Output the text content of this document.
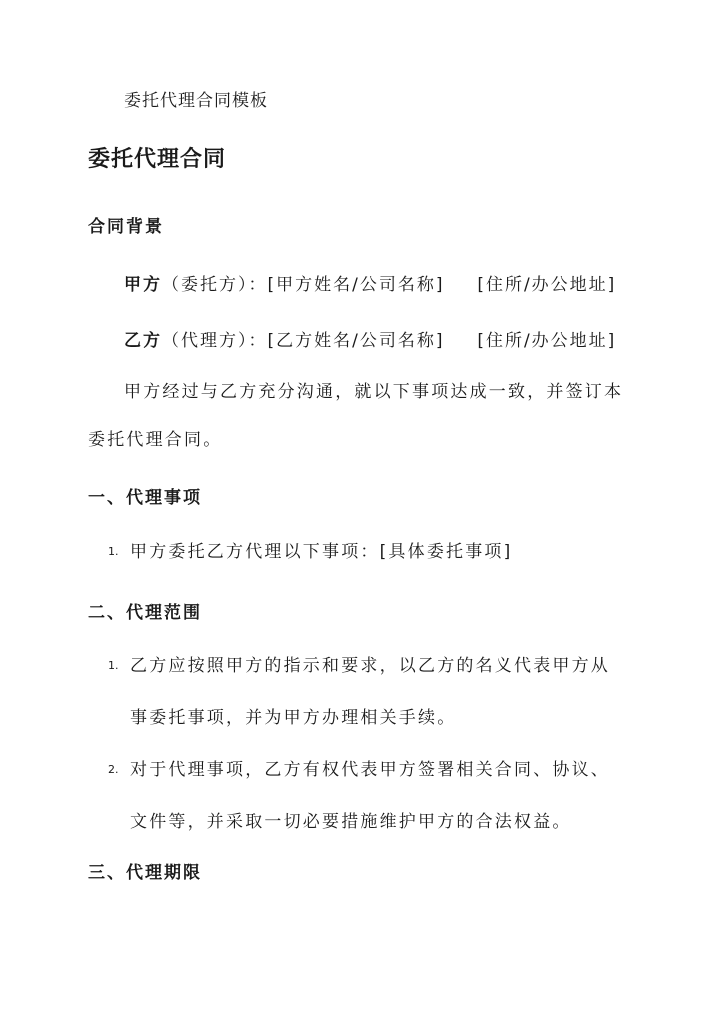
委托代理合同模板
委托代理合同
合同背景
甲方（委托方）：[甲方姓名/公司名称] [住所/办公地址]
乙方（代理方）：[乙方姓名/公司名称] [住所/办公地址]

甲方经过与乙方充分沟通，就以下事项达成一致，并签订本委托代理合同。

一、代理事项
1. 甲方委托乙方代理以下事项：[具体委托事项]
二、代理范围
1. 乙方应按照甲方的指示和要求，以乙方的名义代表甲方从事委托事项，并为甲方办理相关手续。
2. 对于代理事项，乙方有权代表甲方签署相关合同、协议、文件等，并采取一切必要措施维护甲方的合法权益。
三、代理期限
